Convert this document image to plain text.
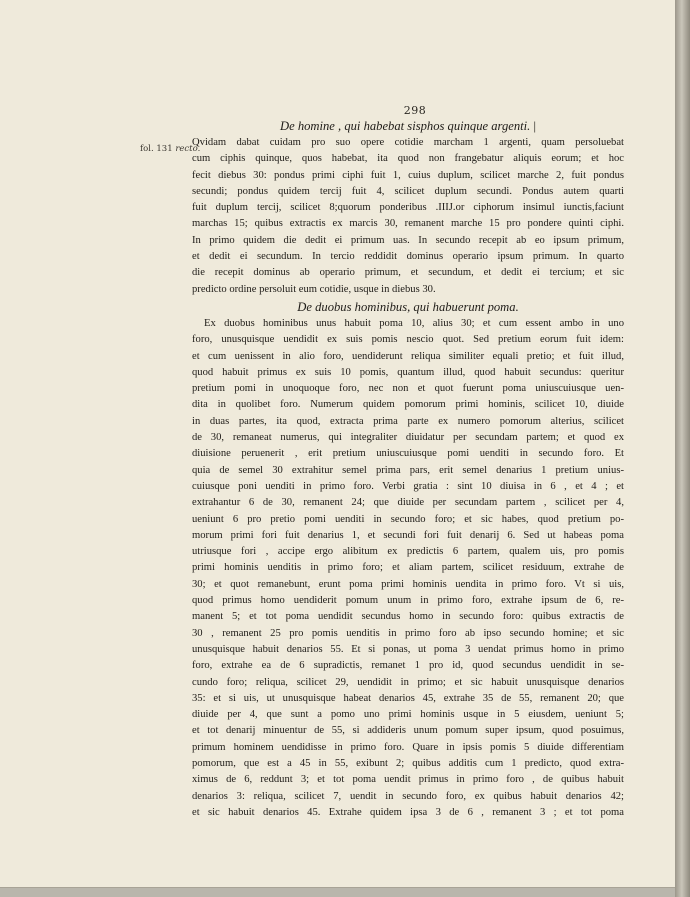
298
fol. 131 recto.
De homine , qui habebat sisphos quinque argenti. |
Qvidam dabat cuidam pro suo opere cotidie marcham 1 argenti, quam persoluebat
cum ciphis quinque, quos habebat, ita quod non frangebatur aliquis eorum; et hoc
fecit diebus 30: pondus primi ciphi fuit 1, cuius duplum, scilicet marche 2, fuit pondus
secundi; pondus quidem tercij fuit 4, scilicet duplum secundi. Pondus autem quarti
fuit duplum tercij, scilicet 8;quorum ponderibus .IIIJ.or ciphorum insimul iunctis,faciunt
marchas 15; quibus extractis ex marcis 30, remanent marche 15 pro pondere quinti ciphi.
In primo quidem die dedit ei primum uas. In secundo recepit ab eo ipsum primum,
et dedit ei secundum. In tercio reddidit dominus operario ipsum primum. In quarto
die recepit dominus ab operario primum, et secundum, et dedit ei tercium; et sic
predicto ordine persoluit eum cotidie, usque in diebus 30.
De duobus hominibus, qui habuerunt poma.
Ex duobus hominibus unus habuit poma 10, alius 30; et cum essent ambo in uno
foro, unusquisque uendidit ex suis pomis nescio quot. Sed pretium eorum fuit idem:
et cum uenissent in alio foro, uendiderunt reliqua similiter equali pretio; et fuit illud,
quod habuit primus ex suis 10 pomis, quantum illud, quod habuit secundus: queritur
pretium pomi in unoquoque foro, nec non et quot fuerunt poma uniuscuiusque uen-
dita in quolibet foro. Numerum quidem pomorum primi hominis, scilicet 10, diuide
in duas partes, ita quod, extracta prima parte ex numero pomorum alterius, scilicet
de 30, remaneat numerus, qui integraliter diuidatur per secundam partem; et quod ex
diuisione peruenerit , erit pretium uniuscuiusque pomi uenditi in secundo foro. Et
quia de semel 30 extrahitur semel prima pars, erit semel denarius 1 pretium unius-
cuiusque poni uenditi in primo foro. Verbi gratia : sint 10 diuisa in 6 , et 4 ; et
extrahantur 6 de 30, remanent 24; que diuide per secundam partem , scilicet per 4,
ueniunt 6 pro pretio pomi uenditi in secundo foro; et sic habes, quod pretium po-
morum primi fori fuit denarius 1, et secundi fori fuit denarij 6. Sed ut habeas poma
utriusque fori , accipe ergo alibitum ex predictis 6 partem, qualem uis, pro pomis
primi hominis uenditis in primo foro; et aliam partem, scilicet residuum, extrahe de
30; et quot remanebunt, erunt poma primi hominis uendita in primo foro. Vt si uis,
quod primus homo uendiderit pomum unum in primo foro, extrahe ipsum de 6, re-
manent 5; et tot poma uendidit secundus homo in secundo foro: quibus extractis de
30 , remanent 25 pro pomis uenditis in primo foro ab ipso secundo homine; et sic
unusquisque habuit denarios 55. Et si ponas, ut poma 3 uendat primus homo in primo
foro, extrahe ea de 6 supradictis, remanet 1 pro id, quod secundus uendidit in se-
cundo foro; reliqua, scilicet 29, uendidit in primo; et sic habuit unusquisque denarios
35: et si uis, ut unusquisque habeat denarios 45, extrahe 35 de 55, remanent 20; que
diuide per 4, que sunt a pomo uno primi hominis usque in 5 eiusdem, ueniunt 5;
et tot denarij minuentur de 55, si addideris unum pomum super ipsum, quod posuimus,
primum hominem uendidisse in primo foro. Quare in ipsis pomis 5 diuide differentiam
pomorum, que est a 45 in 55, exibunt 2; quibus additis cum 1 predicto, quod extra-
ximus de 6, reddunt 3; et tot poma uendit primus in primo foro , de quibus habuit
denarios 3: reliqua, scilicet 7, uendit in secundo foro, ex quibus habuit denarios 42;
et sic habuit denarios 45. Extrahe quidem ipsa 3 de 6 , remanent 3 ; et tot poma
